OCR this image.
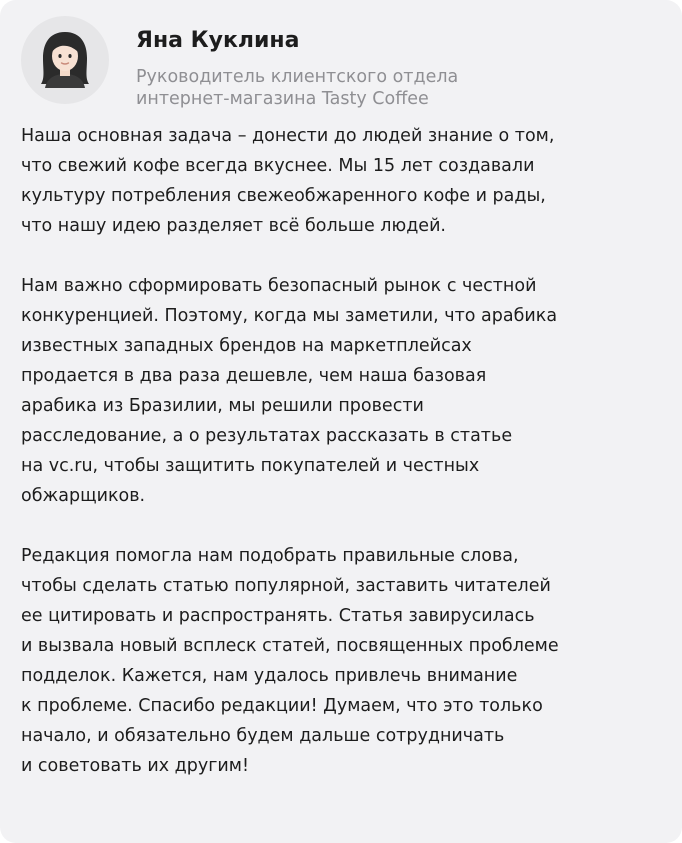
Яна Куклина
Руководитель клиентского отдела
интернет-магазина Tasty Coffee
Наша основная задача – донести до людей знание о том,
что свежий кофе всегда вкуснее. Мы 15 лет создавали
культуру потребления свежеобжаренного кофе и рады,
что нашу идею разделяет всё больше людей.
Нам важно сформировать безопасный рынок с честной
конкуренцией. Поэтому, когда мы заметили, что арабика
известных западных брендов на маркетплейсах
продается в два раза дешевле, чем наша базовая
арабика из Бразилии, мы решили провести
расследование, а о результатах рассказать в статье
на vc.ru, чтобы защитить покупателей и честных
обжарщиков.
Редакция помогла нам подобрать правильные слова,
чтобы сделать статью популярной, заставить читателей
ее цитировать и распространять. Статья завирусилась
и вызвала новый всплеск статей, посвященных проблеме
подделок. Кажется, нам удалось привлечь внимание
к проблеме. Спасибо редакции! Думаем, что это только
начало, и обязательно будем дальше сотрудничать
и советовать их другим!
